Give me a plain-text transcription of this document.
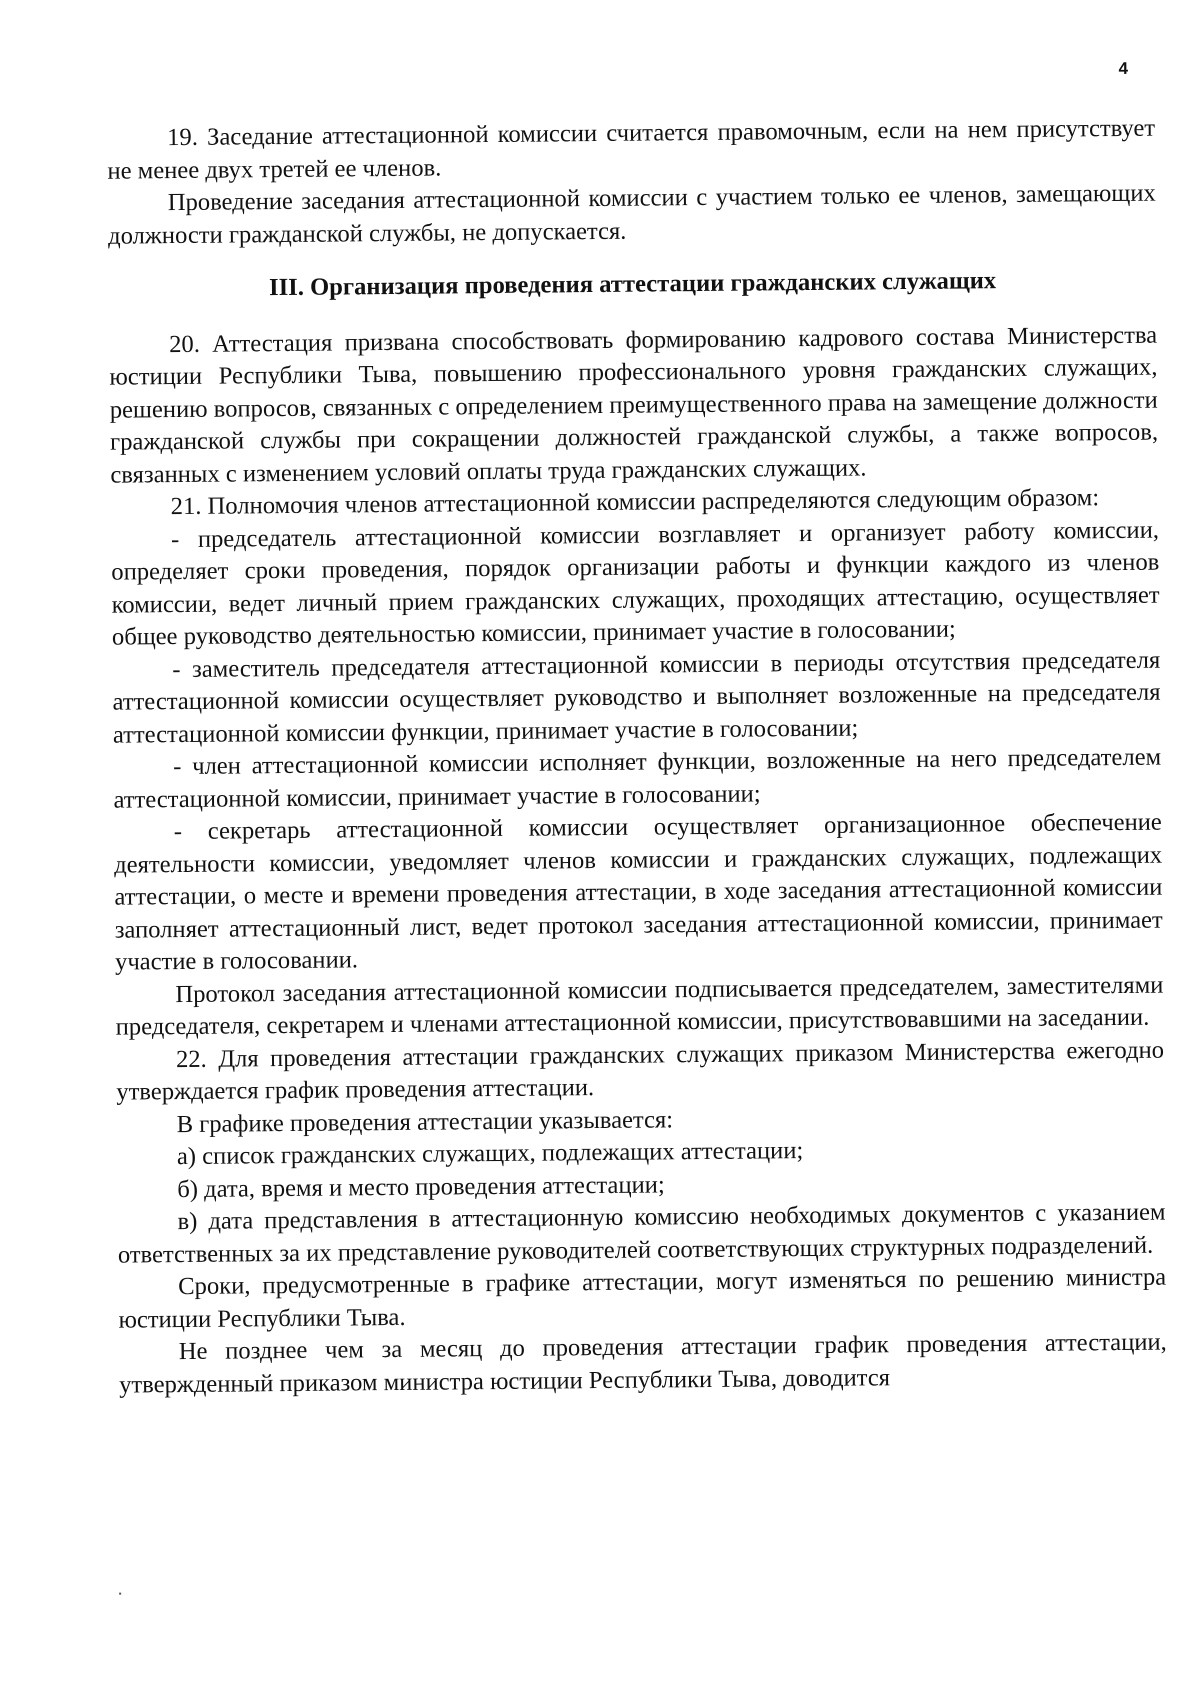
4

19. Заседание аттестационной комиссии считается правомочным, если на нем присутствует не менее двух третей ее членов.

Проведение заседания аттестационной комиссии с участием только ее членов, замещающих должности гражданской службы, не допускается.

III. Организация проведения аттестации гражданских служащих

20. Аттестация призвана способствовать формированию кадрового состава Министерства юстиции Республики Тыва, повышению профессионального уровня гражданских служащих, решению вопросов, связанных с определением преимущественного права на замещение должности гражданской службы при сокращении должностей гражданской службы, а также вопросов, связанных с изменением условий оплаты труда гражданских служащих.

21. Полномочия членов аттестационной комиссии распределяются следующим образом:

- председатель аттестационной комиссии возглавляет и организует работу комиссии, определяет сроки проведения, порядок организации работы и функции каждого из членов комиссии, ведет личный прием гражданских служащих, проходящих аттестацию, осуществляет общее руководство деятельностью комиссии, принимает участие в голосовании;

- заместитель председателя аттестационной комиссии в периоды отсутствия председателя аттестационной комиссии осуществляет руководство и выполняет возложенные на председателя аттестационной комиссии функции, принимает участие в голосовании;

- член аттестационной комиссии исполняет функции, возложенные на него председателем аттестационной комиссии, принимает участие в голосовании;

- секретарь аттестационной комиссии осуществляет организационное обеспечение деятельности комиссии, уведомляет членов комиссии и гражданских служащих, подлежащих аттестации, о месте и времени проведения аттестации, в ходе заседания аттестационной комиссии заполняет аттестационный лист, ведет протокол заседания аттестационной комиссии, принимает участие в голосовании.

Протокол заседания аттестационной комиссии подписывается председателем, заместителями председателя, секретарем и членами аттестационной комиссии, присутствовавшими на заседании.

22. Для проведения аттестации гражданских служащих приказом Министерства ежегодно утверждается график проведения аттестации.

В графике проведения аттестации указывается:

а) список гражданских служащих, подлежащих аттестации;

б) дата, время и место проведения аттестации;

в) дата представления в аттестационную комиссию необходимых документов с указанием ответственных за их представление руководителей соответствующих структурных подразделений.

Сроки, предусмотренные в графике аттестации, могут изменяться по решению министра юстиции Республики Тыва.

Не позднее чем за месяц до проведения аттестации график проведения аттестации, утвержденный приказом министра юстиции Республики Тыва, доводится
